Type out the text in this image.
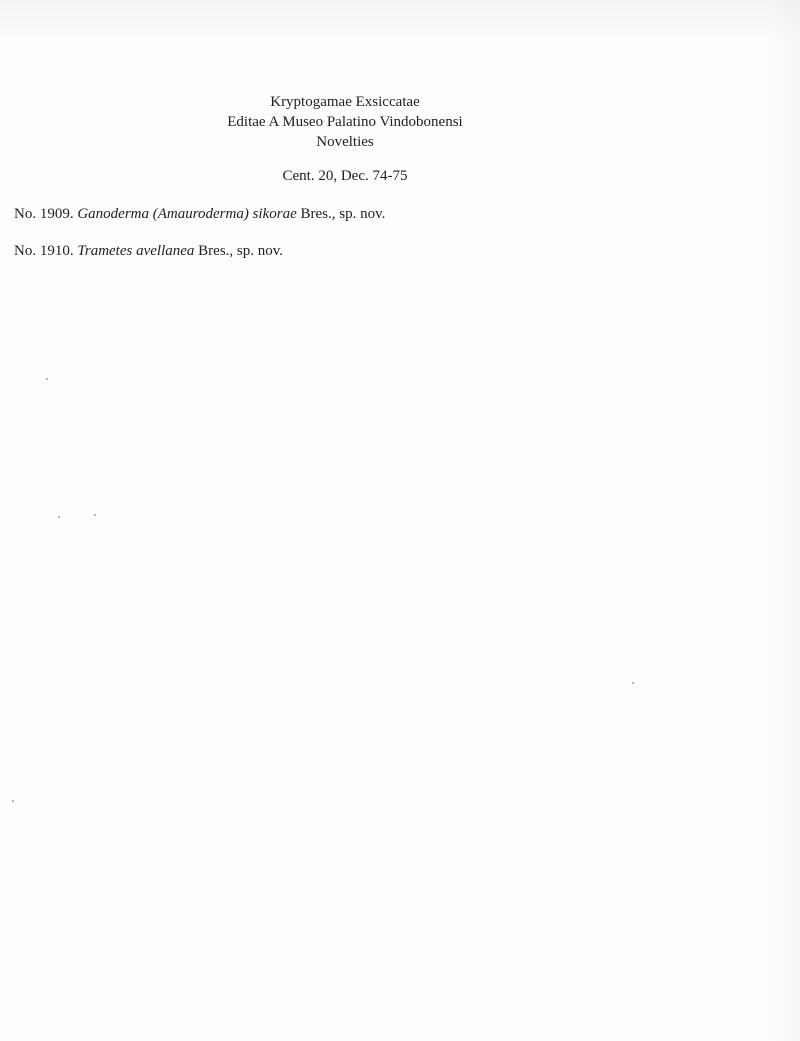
Kryptogamae Exsiccatae
Editae A Museo Palatino Vindobonensi
Novelties
Cent. 20, Dec. 74-75
No. 1909. Ganoderma (Amauroderma) sikorae Bres., sp. nov.
No. 1910. Trametes avellanea Bres., sp. nov.
